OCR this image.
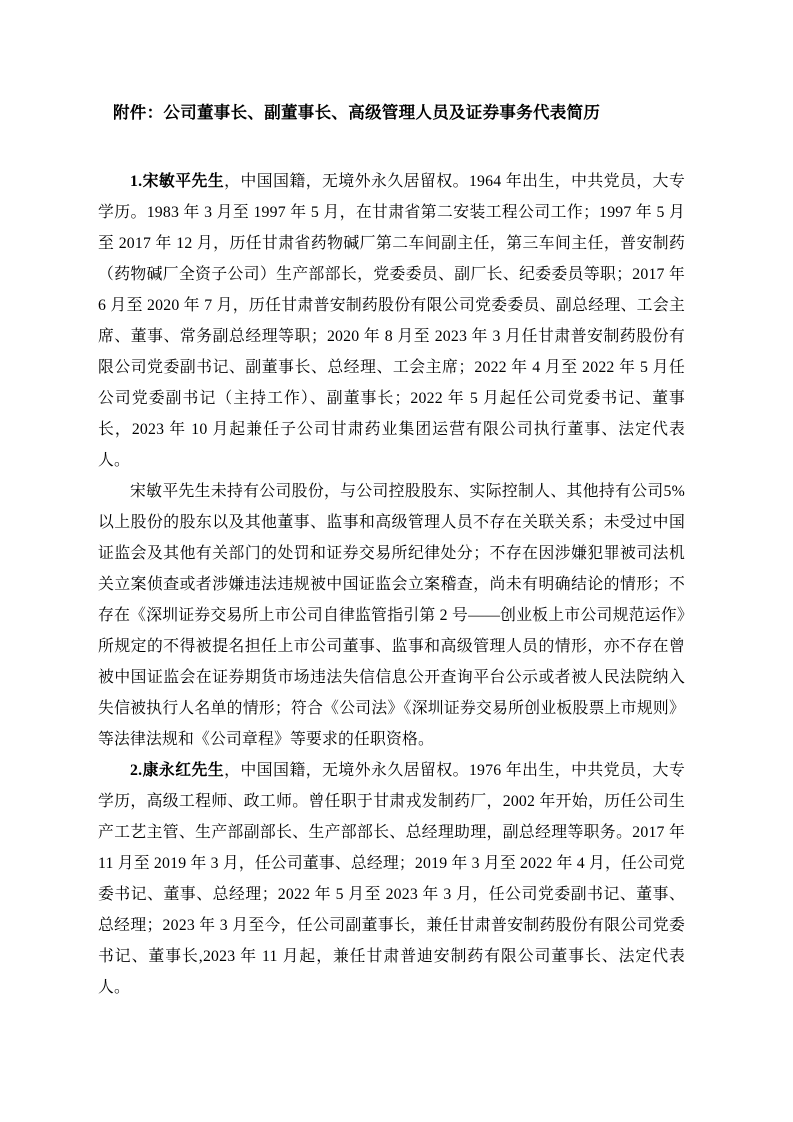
附件：公司董事长、副董事长、高级管理人员及证券事务代表简历

1.宋敏平先生，中国国籍，无境外永久居留权。1964 年出生，中共党员，大专学历。1983 年 3 月至 1997 年 5 月，在甘肃省第二安装工程公司工作；1997 年 5 月至 2017 年 12 月，历任甘肃省药物碱厂第二车间副主任，第三车间主任，普安制药（药物碱厂全资子公司）生产部部长，党委委员、副厂长、纪委委员等职；2017 年 6 月至 2020 年 7 月，历任甘肃普安制药股份有限公司党委委员、副总经理、工会主席、董事、常务副总经理等职；2020 年 8 月至 2023 年 3 月任甘肃普安制药股份有限公司党委副书记、副董事长、总经理、工会主席；2022 年 4 月至 2022 年 5 月任公司党委副书记（主持工作）、副董事长；2022 年 5 月起任公司党委书记、董事长，2023 年 10 月起兼任子公司甘肃药业集团运营有限公司执行董事、法定代表人。

宋敏平先生未持有公司股份，与公司控股股东、实际控制人、其他持有公司5%以上股份的股东以及其他董事、监事和高级管理人员不存在关联关系；未受过中国证监会及其他有关部门的处罚和证券交易所纪律处分；不存在因涉嫌犯罪被司法机关立案侦查或者涉嫌违法违规被中国证监会立案稽查，尚未有明确结论的情形；不存在《深圳证券交易所上市公司自律监管指引第 2 号——创业板上市公司规范运作》所规定的不得被提名担任上市公司董事、监事和高级管理人员的情形，亦不存在曾被中国证监会在证券期货市场违法失信信息公开查询平台公示或者被人民法院纳入失信被执行人名单的情形；符合《公司法》《深圳证券交易所创业板股票上市规则》等法律法规和《公司章程》等要求的任职资格。

2.康永红先生，中国国籍，无境外永久居留权。1976 年出生，中共党员，大专学历，高级工程师、政工师。曾任职于甘肃戎发制药厂，2002 年开始，历任公司生产工艺主管、生产部副部长、生产部部长、总经理助理，副总经理等职务。2017 年 11 月至 2019 年 3 月，任公司董事、总经理；2019 年 3 月至 2022 年 4 月，任公司党委书记、董事、总经理；2022 年 5 月至 2023 年 3 月，任公司党委副书记、董事、总经理；2023 年 3 月至今，任公司副董事长，兼任甘肃普安制药股份有限公司党委书记、董事长,2023 年 11 月起，兼任甘肃普迪安制药有限公司董事长、法定代表人。
